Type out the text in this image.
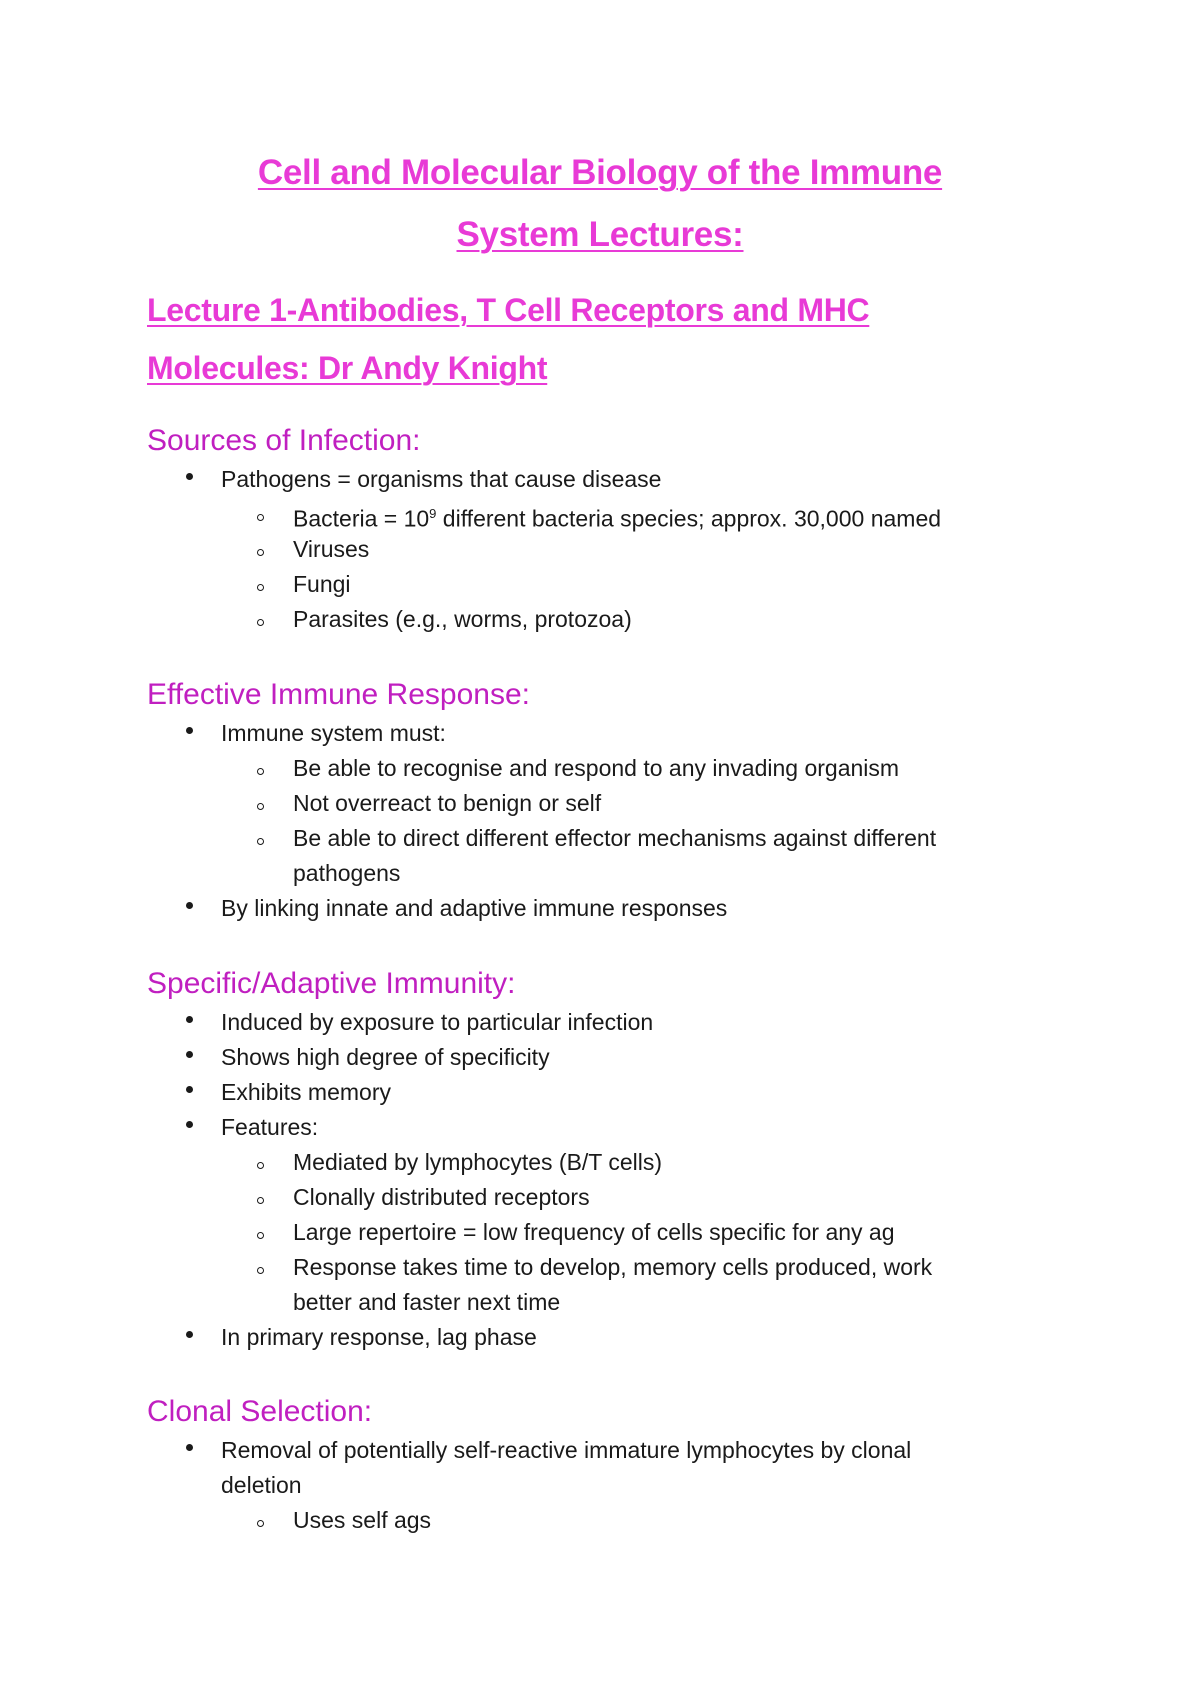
Cell and Molecular Biology of the Immune
System Lectures:
Lecture 1-Antibodies, T Cell Receptors and MHC
Molecules: Dr Andy Knight
Sources of Infection:
Pathogens = organisms that cause disease
Bacteria = $10^9$ different bacteria species; approx. 30,000 named
Viruses
Fungi
Parasites (e.g., worms, protozoa)
Effective Immune Response:
Immune system must:
Be able to recognise and respond to any invading organism
Not overreact to benign or self
Be able to direct different effector mechanisms against different
pathogens
By linking innate and adaptive immune responses
Specific/Adaptive Immunity:
Induced by exposure to particular infection
Shows high degree of specificity
Exhibits memory
Features:
Mediated by lymphocytes (B/T cells)
Clonally distributed receptors
Large repertoire = low frequency of cells specific for any ag
Response takes time to develop, memory cells produced, work
better and faster next time
In primary response, lag phase
Clonal Selection:
Removal of potentially self-reactive immature lymphocytes by clonal
deletion
Uses self ags
